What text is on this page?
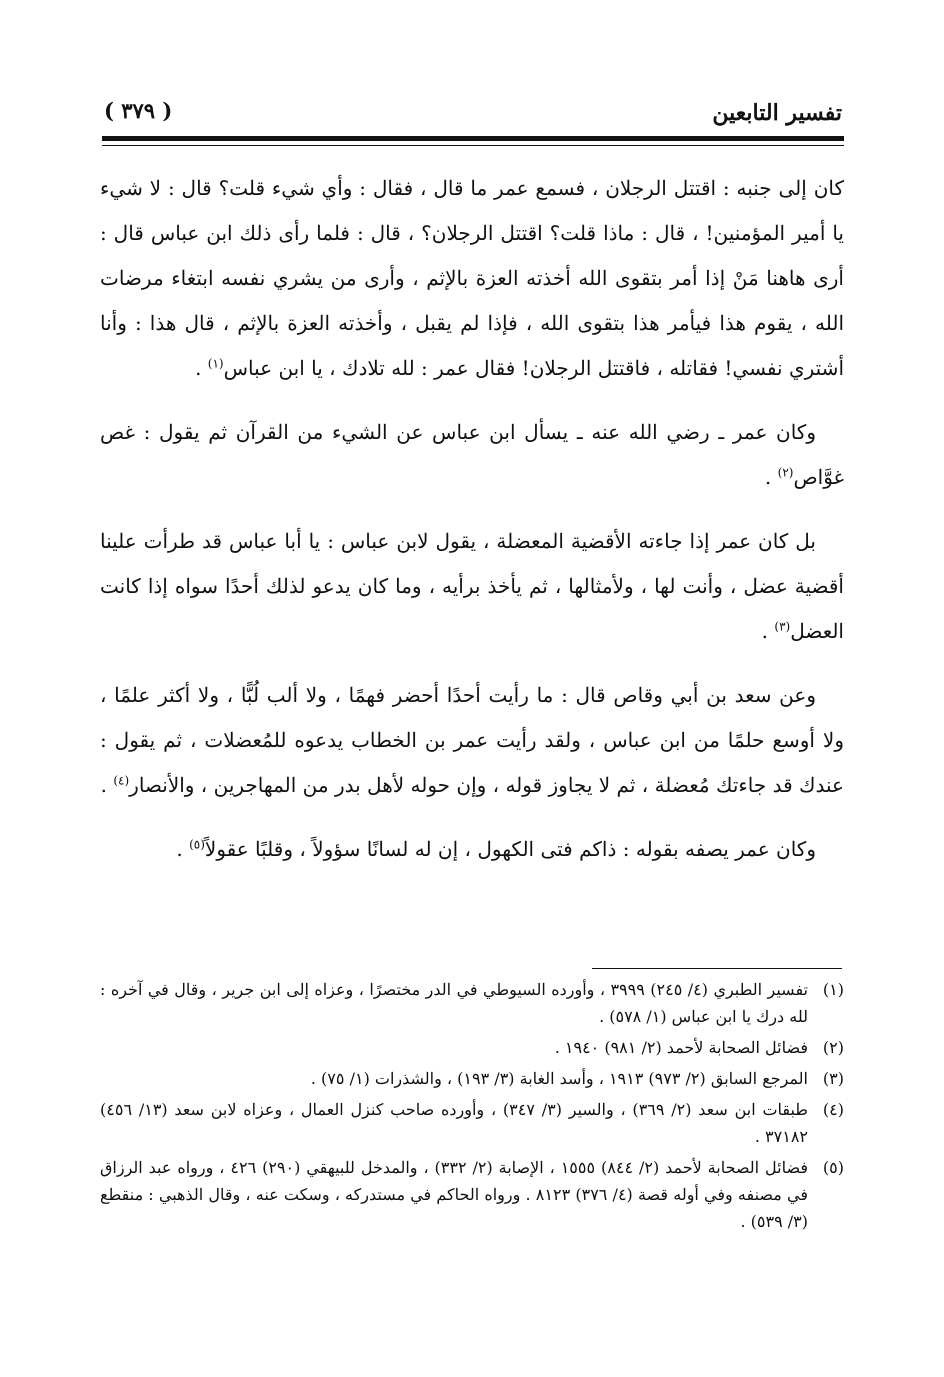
تفسير التابعين
( ٣٧٩ )

كان إلى جنبه : اقتتل الرجلان ، فسمع عمر ما قال ، فقال : وأي شيء قلت؟ قال : لا شيء يا أمير المؤمنين! ، قال : ماذا قلت؟ اقتتل الرجلان؟ ، قال : فلما رأى ذلك ابن عباس قال : أرى هاهنا مَنْ إذا أمر بتقوى الله أخذته العزة بالإثم ، وأرى من يشري نفسه ابتغاء مرضات الله ، يقوم هذا فيأمر هذا بتقوى الله ، فإذا لم يقبل ، وأخذته العزة بالإثم ، قال هذا : وأنا أشتري نفسي! فقاتله ، فاقتتل الرجلان! فقال عمر : لله تلادك ، يا ابن عباس$^{(١)}$ .

وكان عمر ـ رضي الله عنه ـ يسأل ابن عباس عن الشيء من القرآن ثم يقول : غص غوَّاص$^{(٢)}$ .

بل كان عمر إذا جاءته الأقضية المعضلة ، يقول لابن عباس : يا أبا عباس قد طرأت علينا أقضية عضل ، وأنت لها ، ولأمثالها ، ثم يأخذ برأيه ، وما كان يدعو لذلك أحدًا سواه إذا كانت العضل$^{(٣)}$ .

وعن سعد بن أبي وقاص قال : ما رأيت أحدًا أحضر فهمًا ، ولا ألب لُبًّا ، ولا أكثر علمًا ، ولا أوسع حلمًا من ابن عباس ، ولقد رأيت عمر بن الخطاب يدعوه للمُعضلات ، ثم يقول : عندك قد جاءتك مُعضلة ، ثم لا يجاوز قوله ، وإن حوله لأهل بدر من المهاجرين ، والأنصار$^{(٤)}$ .

وكان عمر يصفه بقوله : ذاكم فتى الكهول ، إن له لسانًا سؤولاً ، وقلبًا عقولاً$^{(٥)}$ .

(١)
تفسير الطبري (٤/ ٢٤٥) ٣٩٩٩ ، وأورده السيوطي في الدر مختصرًا ، وعزاه إلى ابن جرير ، وقال في آخره : لله درك يا ابن عباس (١/ ٥٧٨) .
(٢)
فضائل الصحابة لأحمد (٢/ ٩٨١) ١٩٤٠ .
(٣)
المرجع السابق (٢/ ٩٧٣) ١٩١٣ ، وأسد الغابة (٣/ ١٩٣) ، والشذرات (١/ ٧٥) .
(٤)
طبقات ابن سعد (٢/ ٣٦٩) ، والسير (٣/ ٣٤٧) ، وأورده صاحب كنزل العمال ، وعزاه لابن سعد (١٣/ ٤٥٦) ٣٧١٨٢ .
(٥)
فضائل الصحابة لأحمد (٢/ ٨٤٤) ١٥٥٥ ، الإصابة (٢/ ٣٣٢) ، والمدخل للبيهقي (٢٩٠) ٤٢٦ ، ورواه عبد الرزاق في مصنفه وفي أوله قصة (٤/ ٣٧٦) ٨١٢٣ . ورواه الحاكم في مستدركه ، وسكت عنه ، وقال الذهبي : منقطع (٣/ ٥٣٩) .
